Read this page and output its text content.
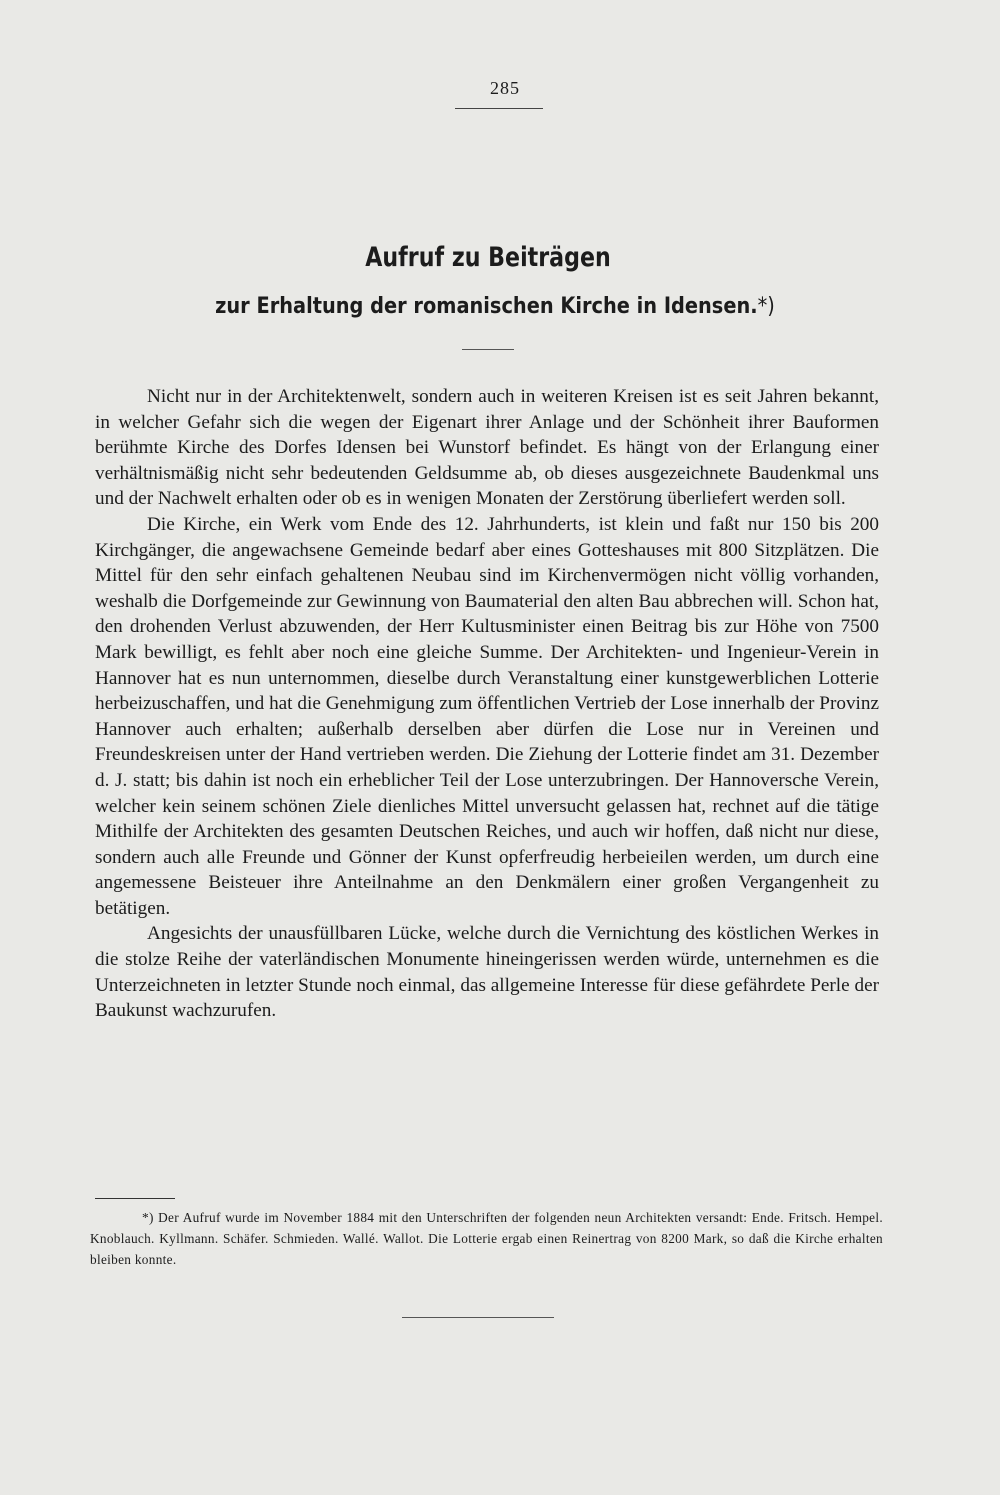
285
Aufruf zu Beiträgen
zur Erhaltung der romanischen Kirche in Idensen.*)

Nicht nur in der Architektenwelt, sondern auch in weiteren Kreisen ist es seit Jahren bekannt, in welcher Gefahr sich die wegen der Eigenart ihrer Anlage und der Schönheit ihrer Bauformen berühmte Kirche des Dorfes Idensen bei Wunstorf befindet. Es hängt von der Erlangung einer verhältnismäßig nicht sehr bedeutenden Geldsumme ab, ob dieses ausgezeichnete Baudenkmal uns und der Nachwelt erhalten oder ob es in wenigen Monaten der Zerstörung überliefert werden soll.

Die Kirche, ein Werk vom Ende des 12. Jahrhunderts, ist klein und faßt nur 150 bis 200 Kirchgänger, die angewachsene Gemeinde bedarf aber eines Gotteshauses mit 800 Sitzplätzen. Die Mittel für den sehr einfach gehaltenen Neubau sind im Kirchenvermögen nicht völlig vorhanden, weshalb die Dorfgemeinde zur Gewinnung von Baumaterial den alten Bau abbrechen will. Schon hat, den drohenden Verlust abzuwenden, der Herr Kultusminister einen Beitrag bis zur Höhe von 7500 Mark bewilligt, es fehlt aber noch eine gleiche Summe. Der Architekten- und Ingenieur-Verein in Hannover hat es nun unternommen, dieselbe durch Veranstaltung einer kunstgewerblichen Lotterie herbeizuschaffen, und hat die Genehmigung zum öffentlichen Vertrieb der Lose innerhalb der Provinz Hannover auch erhalten; außerhalb derselben aber dürfen die Lose nur in Vereinen und Freundeskreisen unter der Hand vertrieben werden. Die Ziehung der Lotterie findet am 31. Dezember d. J. statt; bis dahin ist noch ein erheblicher Teil der Lose unterzubringen. Der Hannoversche Verein, welcher kein seinem schönen Ziele dienliches Mittel unversucht gelassen hat, rechnet auf die tätige Mithilfe der Architekten des gesamten Deutschen Reiches, und auch wir hoffen, daß nicht nur diese, sondern auch alle Freunde und Gönner der Kunst opferfreudig herbeieilen werden, um durch eine angemessene Beisteuer ihre Anteilnahme an den Denkmälern einer großen Vergangenheit zu betätigen.

Angesichts der unausfüllbaren Lücke, welche durch die Vernichtung des köstlichen Werkes in die stolze Reihe der vaterländischen Monumente hineingerissen werden würde, unternehmen es die Unterzeichneten in letzter Stunde noch einmal, das allgemeine Interesse für diese gefährdete Perle der Baukunst wachzurufen.

*) Der Aufruf wurde im November 1884 mit den Unterschriften der folgenden neun Architekten versandt: Ende. Fritsch. Hempel. Knoblauch. Kyllmann. Schäfer. Schmieden. Wallé. Wallot. Die Lotterie ergab einen Reinertrag von 8200 Mark, so daß die Kirche erhalten bleiben konnte.
